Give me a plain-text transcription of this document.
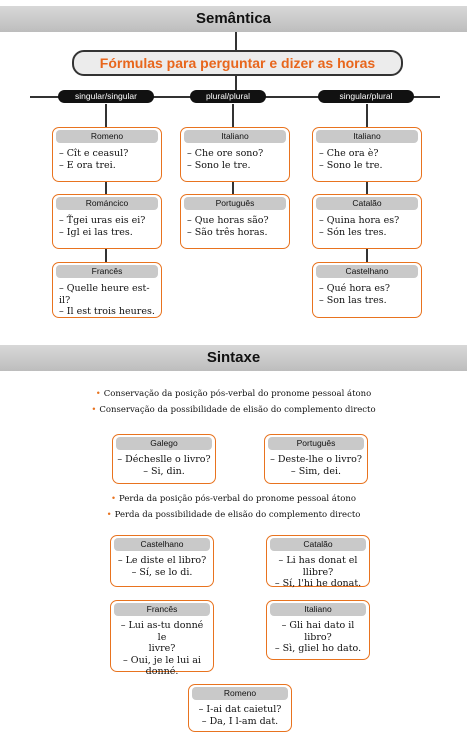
Semântica
Fórmulas para perguntar e dizer as horas
singular/singular	plural/plural	singular/plural
Romeno
– Cît e ceasul?
– E ora trei.
Románcico
– T̃gei uras eis ei?
– Igl ei las tres.
Francês
– Quelle heure est-il?
– Il est trois heures.
Italiano
– Che ore sono?
– Sono le tre.
Português
– Que horas são?
– São três horas.
Italiano
– Che ora è?
– Sono le tre.
Catalão
– Quina hora es?
– Són les tres.
Castelhano
– Qué hora es?
– Son las tres.
Sintaxe
• Conservação da posição pós-verbal do pronome pessoal átono
• Conservação da possibilidade de elisão do complemento directo
Galego
– Déchesllе o livro?
– Si, din.
Português
– Deste-lhe o livro?
– Sim, dei.
• Perda da posição pós-verbal do pronome pessoal átono
• Perda da possibilidade de elisão do complemento directo
Castelhano
– Le diste el libro?
– Sí, se lo di.
Catalão
– Li has donat el llibre?
– Sí, l'hi he donat.
Francês
– Lui as-tu donné le
livre?
– Oui, je le lui ai
donné.
Italiano
– Gli hai dato il
libro?
– Sì, gliel ho dato.
Romeno
– I-ai dat caietul?
– Da, I l-am dat.
